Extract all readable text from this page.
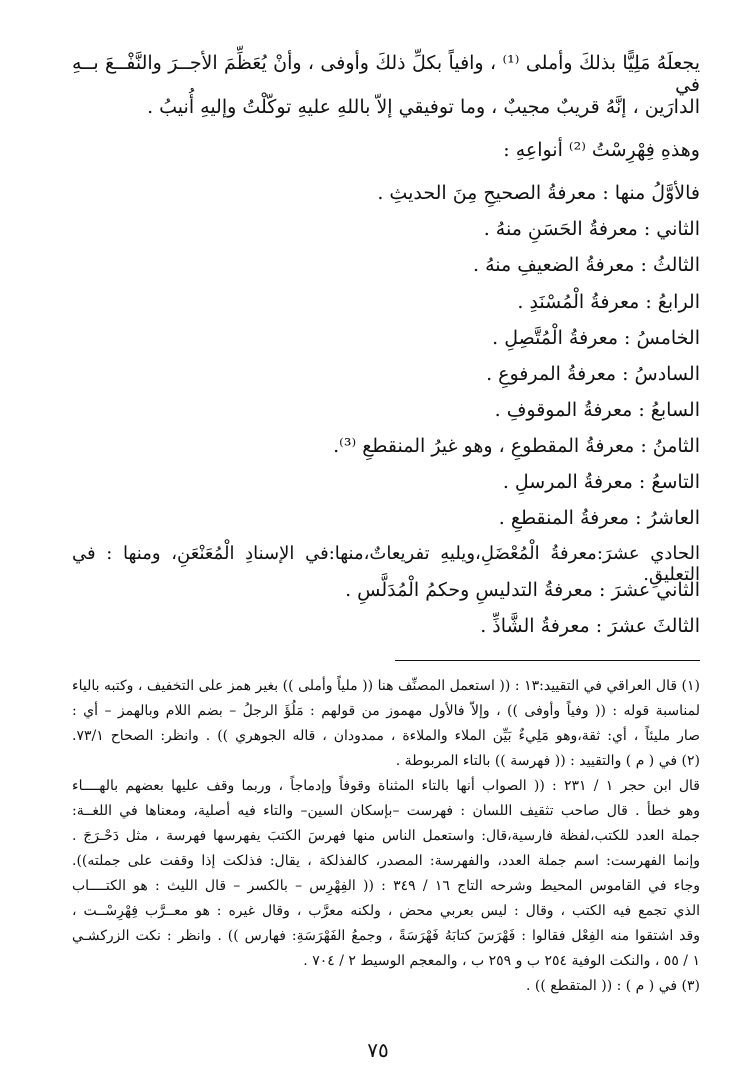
يجعلَهُ مَلِيًّا بذلكَ وأملى ⁽¹⁾ ، وافياً بكلِّ ذلكَ وأوفى ، وأنْ يُعَظِّمَ الأجــرَ والنَّفْــعَ بــهِ في
الدارَين ، إنَّهُ قريبٌ مجيبٌ ، وما توفيقي إلاّ باللهِ عليهِ توكّلْتُ وإليهِ أُنيبُ .
وهذهِ فِهْرِسْتُ ⁽²⁾ أنواعِهِ :
فالأوَّلُ منها : معرفةُ الصحيحِ مِنَ الحديثِ .
الثاني : معرفةُ الحَسَنِ منهُ .
الثالثُ : معرفةُ الضعيفِ منهُ .
الرابعُ : معرفةُ الْمُسْنَدِ .
الخامسُ : معرفةُ الْمُتَّصِلِ .
السادسُ : معرفةُ المرفوعِ .
السابعُ : معرفةُ الموقوفِ .
الثامنُ : معرفةُ المقطوعِ ، وهو غيرُ المنقطعِ ⁽³⁾.
التاسعُ : معرفةُ المرسلِ .
العاشرُ : معرفةُ المنقطعِ .
الحادي عشرَ:معرفةُ الْمُعْضَلِ،ويليهِ تفريعاتٌ،منها:في الإسنادِ الْمُعَنْعَنِ، ومنها : في التعليقِ.
الثاني عشرَ : معرفةُ التدليسِ وحكمُ الْمُدَلَّسِ .
الثالثَ عشرَ : معرفةُ الشَّاذِّ .
(١) قال العراقي في التقييد:١٣ : (( استعمل المصنِّف هنا (( ملياً وأملى )) بغير همز على التخفيف ، وكتبه بالياء
لمناسبة قوله : (( وفياً وأوفى )) ، وإلاّ فالأول مهموز من قولهم : مَلُؤَ الرجلُ – بضم اللام وبالهمز – أي :
صار مليئاً ، أي: ثقة،وهو مَلِيءٌ بَيِّن الملاء والملاءة ، ممدودان ، قاله الجوهري )) . وانظر: الصحاح ٧٣/١.
(٢) في ( م ) والتقييد : (( فهرسة )) بالتاء المربوطة .
قال ابن حجر ١ / ٢٣١ : (( الصواب أنها بالتاء المثناة وقوفاً وإدماجاً ، وربما وقف عليها بعضهم بالهــــاء
وهو خطأ . قال صاحب تثقيف اللسان : فهرست –بإسكان السين– والتاء فيه أصلية، ومعناها في اللغــة:
جملة العدد للكتب،لفظة فارسية،قال: واستعمل الناس منها فهرسَ الكتبَ يفهرسها فهرسة ، مثل دَحْـرَجَ .
وإنما الفهرست: اسم جملة العدد، والفهرسة: المصدر، كالفذلكة ، يقال: فذلكت إذا وقفت على جملته)).
وجاء في القاموس المحيط وشرحه التاج ١٦ / ٣٤٩ : (( الفِهْرِس – بالكسر – قال الليث : هو الكتــــاب
الذي تجمع فيه الكتب ، وقال : ليس بعربي محض ، ولكنه معرَّب ، وقال غيره : هو معــرَّب فِهْرِسْــت ،
وقد اشتقوا منه الفِعْل فقالوا : فَهْرَسَ كتابَهُ فَهْرَسَةً ، وجمعُ الفَهْرَسَةِ: فهارس )) . وانظر : نكت الزركشـي
١ / ٥٥ ، والنكت الوفية ٢٥٤ ب و ٢٥٩ ب ، والمعجم الوسيط ٢ / ٧٠٤ .
(٣) في ( م ) : (( المتقطع )) .
٧٥
